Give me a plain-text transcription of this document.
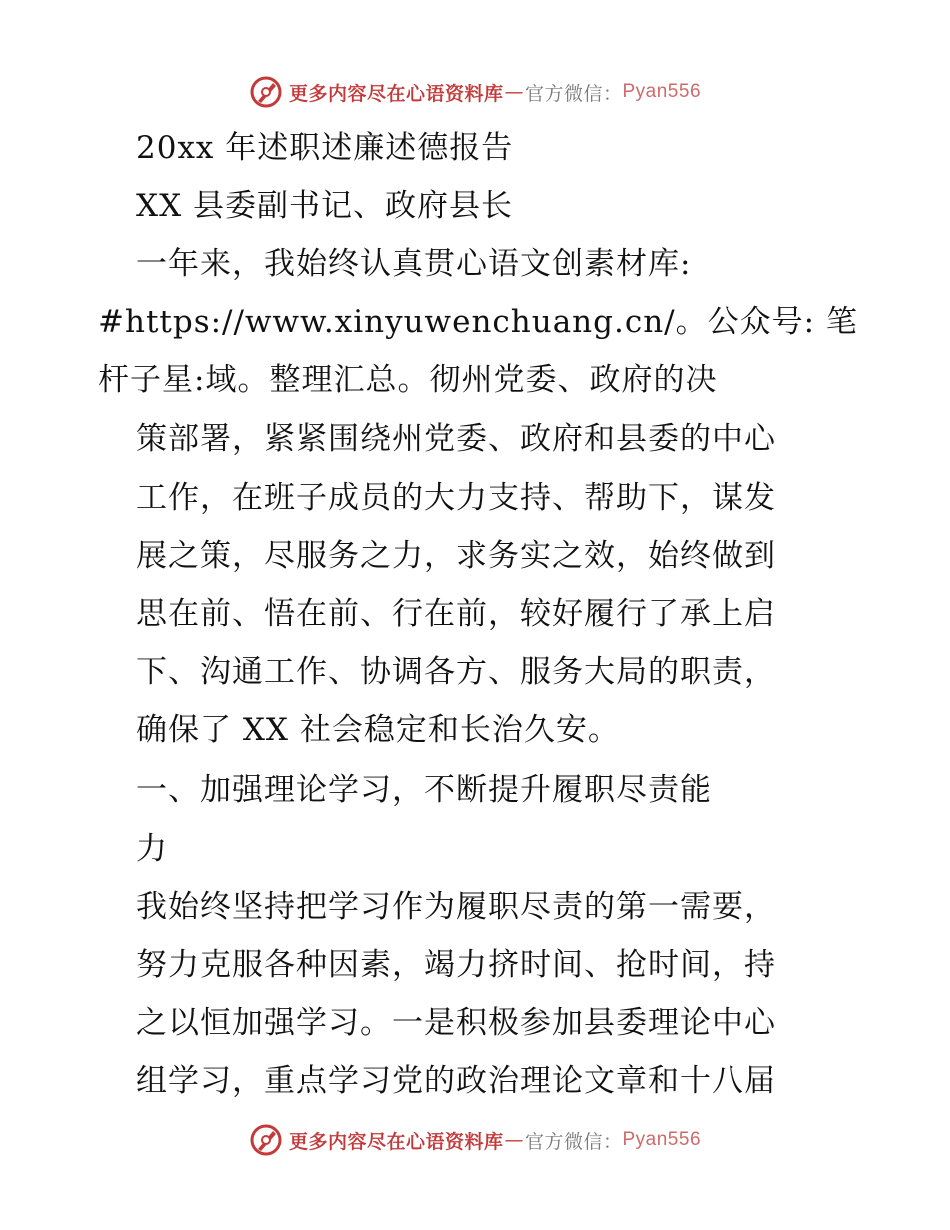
更多内容尽在心语资料库 — 官方微信： Pyan556
20xx 年述职述廉述德报告
XX 县委副书记、政府县长
一年来，我始终认真贯心语文创素材库:
#https://www.xinyuwenchuang.cn/。公众号: 笔
杆子星:域。整理汇总。彻州党委、政府的决
策部署，紧紧围绕州党委、政府和县委的中心
工作，在班子成员的大力支持、帮助下，谋发
展之策，尽服务之力，求务实之效，始终做到
思在前、悟在前、行在前，较好履行了承上启
下、沟通工作、协调各方、服务大局的职责，
确保了 XX 社会稳定和长治久安。
一、加强理论学习，不断提升履职尽责能
力
我始终坚持把学习作为履职尽责的第一需要，
努力克服各种因素，竭力挤时间、抢时间，持
之以恒加强学习。一是积极参加县委理论中心
组学习，重点学习党的政治理论文章和十八届
更多内容尽在心语资料库 — 官方微信： Pyan556
